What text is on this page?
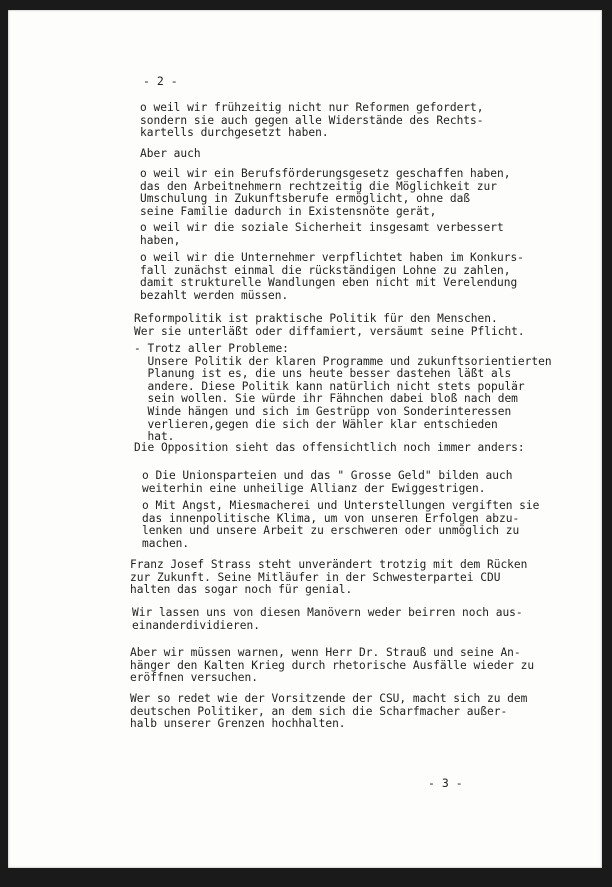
- 2 -

o weil wir frühzeitig nicht nur Reformen gefordert,
sondern sie auch gegen alle Widerstände des Rechts-
kartells durchgesetzt haben.

Aber auch

o weil wir ein Berufsförderungsgesetz geschaffen haben,
das den Arbeitnehmern rechtzeitig die Möglichkeit zur
Umschulung in Zukunftsberufe ermöglicht, ohne daß
seine Familie dadurch in Existensnöte gerät,

o weil wir die soziale Sicherheit insgesamt verbessert
haben,

o weil wir die Unternehmer verpflichtet haben im Konkurs-
fall zunächst einmal die rückständigen Lohne zu zahlen,
damit strukturelle Wandlungen eben nicht mit Verelendung
bezahlt werden müssen.

Reformpolitik ist praktische Politik für den Menschen.
Wer sie unterläßt oder diffamiert, versäumt seine Pflicht.

- Trotz aller Probleme:
Unsere Politik der klaren Programme und zukunftsorientierten
Planung ist es, die uns heute besser dastehen läßt als
andere. Diese Politik kann natürlich nicht stets populär
sein wollen. Sie würde ihr Fähnchen dabei bloß nach dem
Winde hängen und sich im Gestrüpp von Sonderinteressen
verlieren,gegen die sich der Wähler klar entschieden
hat.

Die Opposition sieht das offensichtlich noch immer anders:

o Die Unionsparteien und das " Grosse Geld" bilden auch
weiterhin eine unheilige Allianz der Ewiggestrigen.

o Mit Angst, Miesmacherei und Unterstellungen vergiften sie
das innenpolitische Klima, um von unseren Erfolgen abzu-
lenken und unsere Arbeit zu erschweren oder unmöglich zu
machen.

Franz Josef Strass steht unverändert trotzig mit dem Rücken
zur Zukunft. Seine Mitläufer in der Schwesterpartei CDU
halten das sogar noch für genial.

Wir lassen uns von diesen Manövern weder beirren noch aus-
einanderdividieren.

Aber wir müssen warnen, wenn Herr Dr. Strauß und seine An-
hänger den Kalten Krieg durch rhetorische Ausfälle wieder zu
eröffnen versuchen.

Wer so redet wie der Vorsitzende der CSU, macht sich zu dem
deutschen Politiker, an dem sich die Scharfmacher außer-
halb unserer Grenzen hochhalten.

- 3 -
